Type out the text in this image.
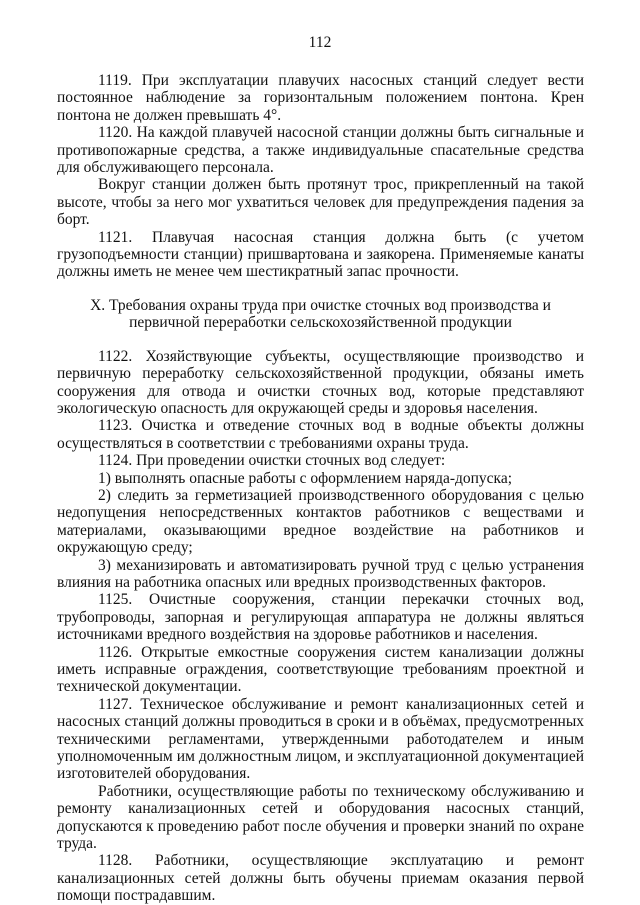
112

1119. При эксплуатации плавучих насосных станций следует вести постоянное наблюдение за горизонтальным положением понтона. Крен понтона не должен превышать 4°.

1120. На каждой плавучей насосной станции должны быть сигнальные и противопожарные средства, а также индивидуальные спасательные средства для обслуживающего персонала.

Вокруг станции должен быть протянут трос, прикрепленный на такой высоте, чтобы за него мог ухватиться человек для предупреждения падения за борт.

1121. Плавучая насосная станция должна быть (с учетом грузоподъемности станции) пришвартована и заякорена. Применяемые канаты должны иметь не менее чем шестикратный запас прочности.

X. Требования охраны труда при очистке сточных вод производства и первичной переработки сельскохозяйственной продукции

1122. Хозяйствующие субъекты, осуществляющие производство и первичную переработку сельскохозяйственной продукции, обязаны иметь сооружения для отвода и очистки сточных вод, которые представляют экологическую опасность для окружающей среды и здоровья населения.

1123. Очистка и отведение сточных вод в водные объекты должны осуществляться в соответствии с требованиями охраны труда.

1124. При проведении очистки сточных вод следует:

1) выполнять опасные работы с оформлением наряда-допуска;

2) следить за герметизацией производственного оборудования с целью недопущения непосредственных контактов работников с веществами и материалами, оказывающими вредное воздействие на работников и окружающую среду;

3) механизировать и автоматизировать ручной труд с целью устранения влияния на работника опасных или вредных производственных факторов.

1125. Очистные сооружения, станции перекачки сточных вод, трубопроводы, запорная и регулирующая аппаратура не должны являться источниками вредного воздействия на здоровье работников и населения.

1126. Открытые емкостные сооружения систем канализации должны иметь исправные ограждения, соответствующие требованиям проектной и технической документации.

1127. Техническое обслуживание и ремонт канализационных сетей и насосных станций должны проводиться в сроки и в объёмах, предусмотренных техническими регламентами, утвержденными работодателем и иным уполномоченным им должностным лицом, и эксплуатационной документацией изготовителей оборудования.

Работники, осуществляющие работы по техническому обслуживанию и ремонту канализационных сетей и оборудования насосных станций, допускаются к проведению работ после обучения и проверки знаний по охране труда.

1128. Работники, осуществляющие эксплуатацию и ремонт канализационных сетей должны быть обучены приемам оказания первой помощи пострадавшим.
